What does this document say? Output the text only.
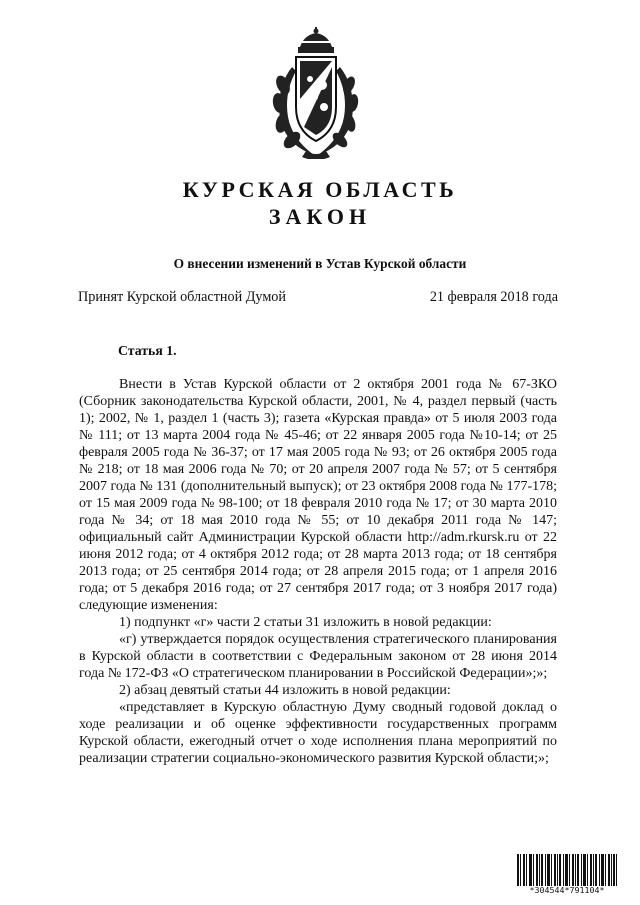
КУРСКАЯ ОБЛАСТЬ
ЗАКОН
О внесении изменений в Устав Курской области
Принят Курской областной Думой	21 февраля 2018 года
Статья 1.

Внести в Устав Курской области от 2 октября 2001 года № 67-ЗКО (Сборник законодательства Курской области, 2001, № 4, раздел первый (часть 1); 2002, № 1, раздел 1 (часть 3); газета «Курская правда» от 5 июля 2003 года № 111; от 13 марта 2004 года № 45-46; от 22 января 2005 года №10-14; от 25 февраля 2005 года № 36-37; от 17 мая 2005 года № 93; от 26 октября 2005 года № 218; от 18 мая 2006 года № 70; от 20 апреля 2007 года № 57; от 5 сентября 2007 года № 131 (дополнительный выпуск); от 23 октября 2008 года № 177-178; от 15 мая 2009 года № 98-100; от 18 февраля 2010 года № 17; от 30 марта 2010 года № 34; от 18 мая 2010 года № 55; от 10 декабря 2011 года № 147; официальный сайт Администрации Курской области http://adm.rkursk.ru от 22 июня 2012 года; от 4 октября 2012 года; от 28 марта 2013 года; от 18 сентября 2013 года; от 25 сентября 2014 года; от 28 апреля 2015 года; от 1 апреля 2016 года; от 5 декабря 2016 года; от 27 сентября 2017 года; от 3 ноября 2017 года) следующие изменения:

1) подпункт «г» части 2 статьи 31 изложить в новой редакции:

«г) утверждается порядок осуществления стратегического планирования в Курской области в соответствии с Федеральным законом от 28 июня 2014 года № 172-ФЗ «О стратегическом планировании в Российской Федерации»;»;

2) абзац девятый статьи 44 изложить в новой редакции:

«представляет в Курскую областную Думу сводный годовой доклад о ходе реализации и об оценке эффективности государственных программ Курской области, ежегодный отчет о ходе исполнения плана мероприятий по реализации стратегии социально-экономического развития Курской области;»;

*304544*791104*
